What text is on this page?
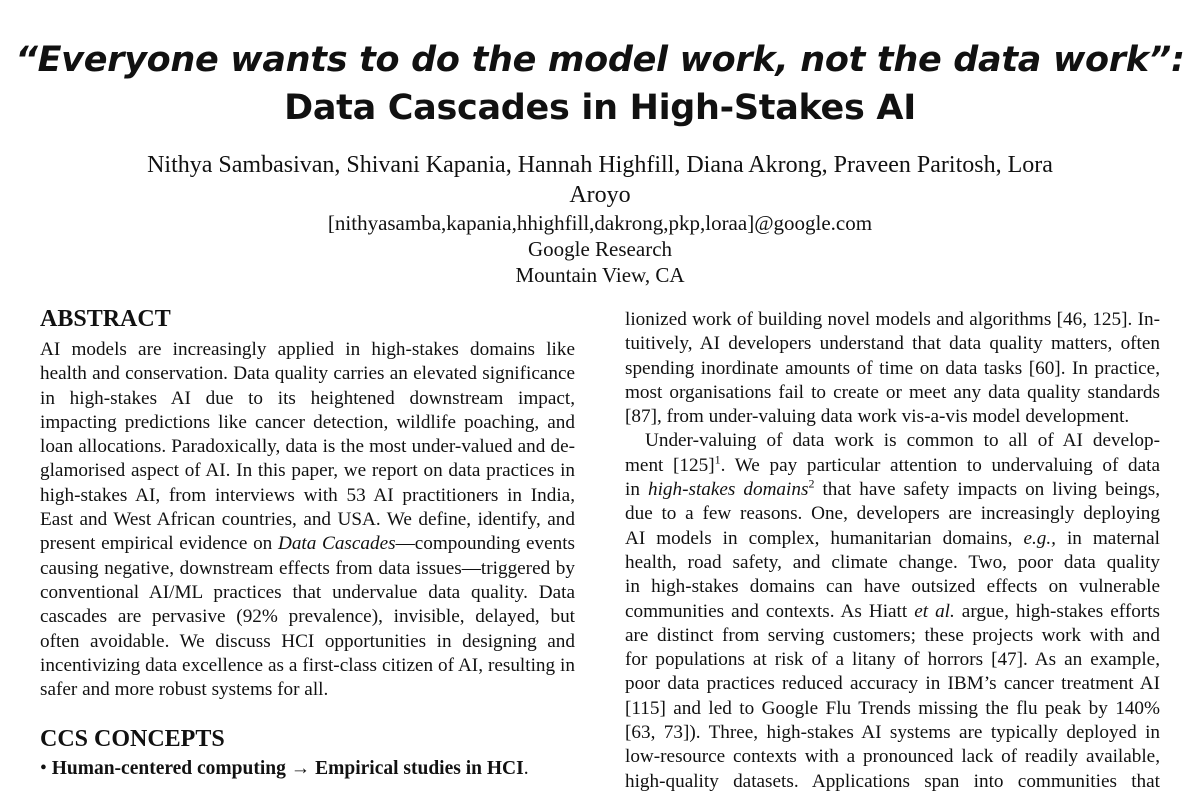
“Everyone wants to do the model work, not the data work”:
Data Cascades in High-Stakes AI
Nithya Sambasivan, Shivani Kapania, Hannah Highfill, Diana Akrong, Praveen Paritosh, Lora
Aroyo
[nithyasamba,kapania,hhighfill,dakrong,pkp,loraa]@google.com
Google Research
Mountain View, CA
ABSTRACT

AI models are increasingly applied in high-stakes domains like health and conservation. Data quality carries an elevated significance in high-stakes AI due to its heightened downstream impact, impacting predictions like cancer detection, wildlife poaching, and loan allocations. Paradoxically, data is the most under-valued and de-glamorised aspect of AI. In this paper, we report on data practices in high-stakes AI, from interviews with 53 AI practitioners in India, East and West African countries, and USA. We define, identify, and present empirical evidence on Data Cascades—compounding events causing negative, downstream effects from data issues—triggered by conventional AI/ML practices that undervalue data quality. Data cascades are pervasive (92% prevalence), invisible, delayed, but often avoidable. We discuss HCI opportunities in designing and incentivizing data excellence as a first-class citizen of AI, resulting in safer and more robust systems for all.

CCS CONCEPTS

• Human-centered computing → Empirical studies in HCI.

lionized work of building novel models and algorithms [46, 125]. In-
tuitively, AI developers understand that data quality matters, often
spending inordinate amounts of time on data tasks [60]. In practice,
most organisations fail to create or meet any data quality standards
[87], from under-valuing data work vis-a-vis model development.

Under-valuing of data work is common to all of AI develop-
ment $[125]^1$. We pay particular attention to undervaluing of data
in high-stakes domains$^2$ that have safety impacts on living beings,
due to a few reasons. One, developers are increasingly deploying
AI models in complex, humanitarian domains, e.g., in maternal
health, road safety, and climate change. Two, poor data quality
in high-stakes domains can have outsized effects on vulnerable
communities and contexts. As Hiatt et al. argue, high-stakes efforts
are distinct from serving customers; these projects work with and
for populations at risk of a litany of horrors [47]. As an example,
poor data practices reduced accuracy in IBM’s cancer treatment AI
[115] and led to Google Flu Trends missing the flu peak by 140%
[63, 73]). Three, high-stakes AI systems are typically deployed in
low-resource contexts with a pronounced lack of readily available,
high-quality datasets. Applications span into communities that
